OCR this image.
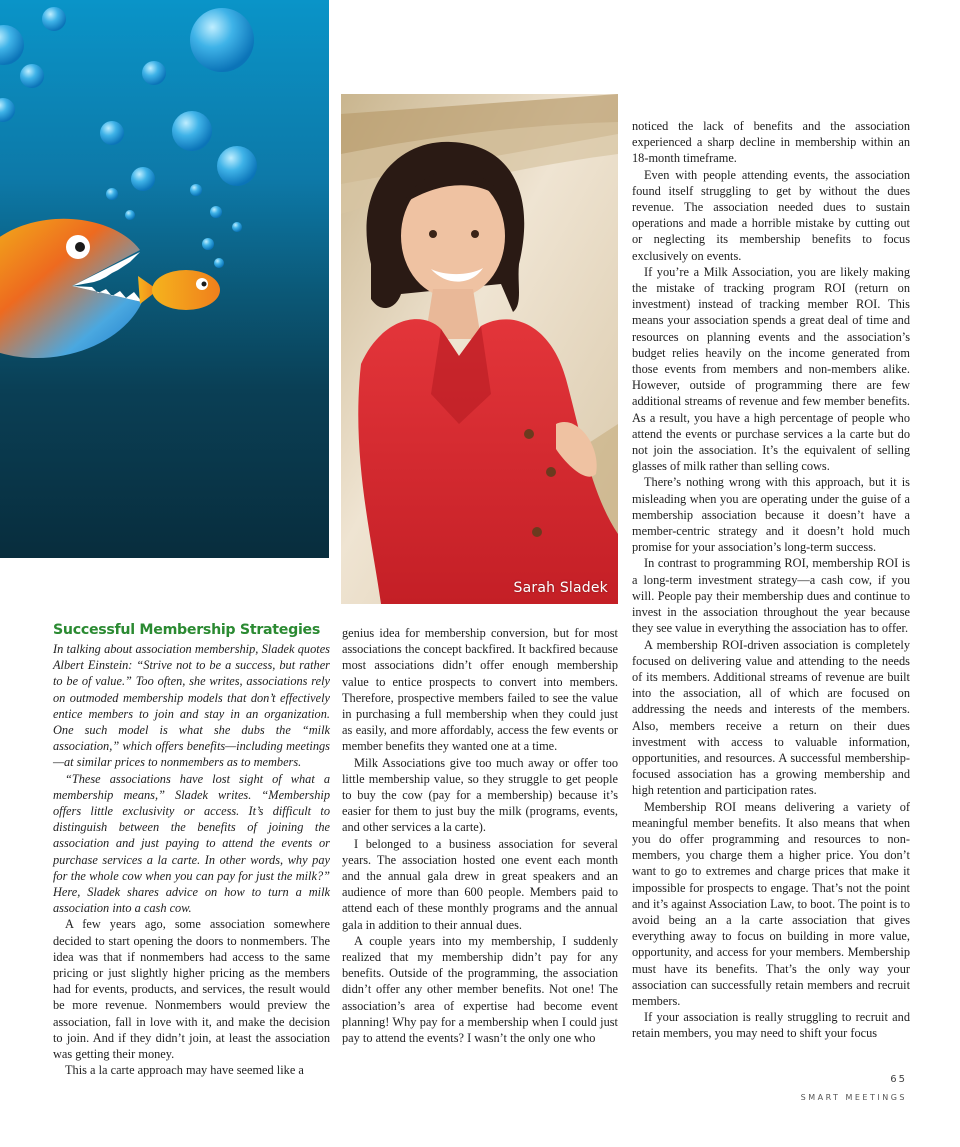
Sarah Sladek
Successful Membership Strategies

In talking about association membership, Sladek quotes Albert Einstein: “Strive not to be a success, but rather to be of value.” Too often, she writes, associations rely on outmoded membership models that don’t effectively entice members to join and stay in an organization. One such model is what she dubs the “milk association,” which offers benefits—including meetings—at similar prices to nonmembers as to members.

“These associations have lost sight of what a membership means,” Sladek writes. “Membership offers little exclusivity or access. It’s difficult to distinguish between the benefits of joining the association and just paying to attend the events or purchase services a la carte. In other words, why pay for the whole cow when you can pay for just the milk?” Here, Sladek shares advice on how to turn a milk association into a cash cow.

A few years ago, some association somewhere decided to start opening the doors to nonmembers. The idea was that if nonmembers had access to the same pricing or just slightly higher pricing as the members had for events, products, and services, the result would be more revenue. Nonmembers would preview the association, fall in love with it, and make the decision to join. And if they didn’t join, at least the association was getting their money.

This a la carte approach may have seemed like a

genius idea for membership conversion, but for most associations the concept backfired. It backfired because most associations didn’t offer enough membership value to entice prospects to convert into members. Therefore, prospective members failed to see the value in purchasing a full membership when they could just as easily, and more affordably, access the few events or member benefits they wanted one at a time.

Milk Associations give too much away or offer too little membership value, so they struggle to get people to buy the cow (pay for a membership) because it’s easier for them to just buy the milk (programs, events, and other services a la carte).

I belonged to a business association for several years. The association hosted one event each month and the annual gala drew in great speakers and an audience of more than 600 people. Members paid to attend each of these monthly programs and the annual gala in addition to their annual dues.

A couple years into my membership, I suddenly realized that my membership didn’t pay for any benefits. Outside of the programming, the association didn’t offer any other member benefits. Not one! The association’s area of expertise had become event planning! Why pay for a membership when I could just pay to attend the events? I wasn’t the only one who

noticed the lack of benefits and the association experienced a sharp decline in membership within an 18-month timeframe.

Even with people attending events, the association found itself struggling to get by without the dues revenue. The association needed dues to sustain operations and made a horrible mistake by cutting out or neglecting its membership benefits to focus exclusively on events.

If you’re a Milk Association, you are likely making the mistake of tracking program ROI (return on investment) instead of tracking member ROI. This means your association spends a great deal of time and resources on planning events and the association’s budget relies heavily on the income generated from those events from members and non-members alike. However, outside of programming there are few additional streams of revenue and few member benefits. As a result, you have a high percentage of people who attend the events or purchase services a la carte but do not join the association. It’s the equivalent of selling glasses of milk rather than selling cows.

There’s nothing wrong with this approach, but it is misleading when you are operating under the guise of a membership association because it doesn’t have a member-centric strategy and it doesn’t hold much promise for your association’s long-term success.

In contrast to programming ROI, membership ROI is a long-term investment strategy—a cash cow, if you will. People pay their membership dues and continue to invest in the association throughout the year because they see value in everything the association has to offer.

A membership ROI-driven association is completely focused on delivering value and attending to the needs of its members. Additional streams of revenue are built into the association, all of which are focused on addressing the needs and interests of the members. Also, members receive a return on their dues investment with access to valuable information, opportunities, and resources. A successful membership-focused association has a growing membership and high retention and participation rates.

Membership ROI means delivering a variety of meaningful member benefits. It also means that when you do offer programming and resources to non-members, you charge them a higher price. You don’t want to go to extremes and charge prices that make it impossible for prospects to engage. That’s not the point and it’s against Association Law, to boot. The point is to avoid being an a la carte association that gives everything away to focus on building in more value, opportunity, and access for your members. Membership must have its benefits. That’s the only way your association can successfully retain members and recruit members.

If your association is really struggling to recruit and retain members, you may need to shift your focus

65
SMART MEETINGS
